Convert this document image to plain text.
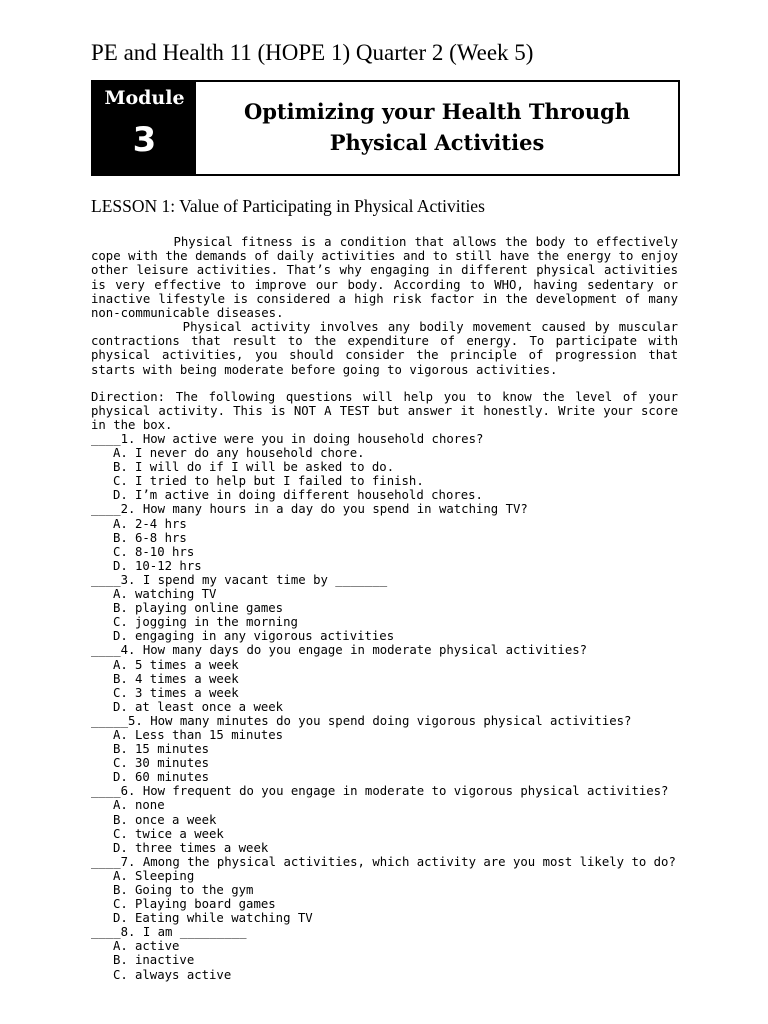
PE and Health 11 (HOPE 1) Quarter 2 (Week 5)
Module
3
Optimizing your Health Through
Physical Activities
LESSON 1: Value of Participating in Physical Activities

Physical fitness is a condition that allows the body to effectively cope with the demands of daily activities and to still have the energy to enjoy other leisure activities. That’s why engaging in different physical activities is very effective to improve our body. According to WHO, having sedentary or inactive lifestyle is considered a high risk factor in the development of many non-communicable diseases.

Physical activity involves any bodily movement caused by muscular contractions that result to the expenditure of energy. To participate with physical activities, you should consider the principle of progression that starts with being moderate before going to vigorous activities.

Direction: The following questions will help you to know the level of your physical activity. This is NOT A TEST but answer it honestly. Write your score in the box.

____1. How active were you in doing household chores?
A. I never do any household chore.
B. I will do if I will be asked to do.
C. I tried to help but I failed to finish.
D. I’m active in doing different household chores.
____2. How many hours in a day do you spend in watching TV?
A. 2-4 hrs
B. 6-8 hrs
C. 8-10 hrs
D. 10-12 hrs
____3. I spend my vacant time by _______
A. watching TV
B. playing online games
C. jogging in the morning
D. engaging in any vigorous activities
____4. How many days do you engage in moderate physical activities?
A. 5 times a week
B. 4 times a week
C. 3 times a week
D. at least once a week
_____5. How many minutes do you spend doing vigorous physical activities?
A. Less than 15 minutes
B. 15 minutes
C. 30 minutes
D. 60 minutes
____6. How frequent do you engage in moderate to vigorous physical activities?
A. none
B. once a week
C. twice a week
D. three times a week
____7. Among the physical activities, which activity are you most likely to do?
A. Sleeping
B. Going to the gym
C. Playing board games
D. Eating while watching TV
____8. I am _________
A. active
B. inactive
C. always active
